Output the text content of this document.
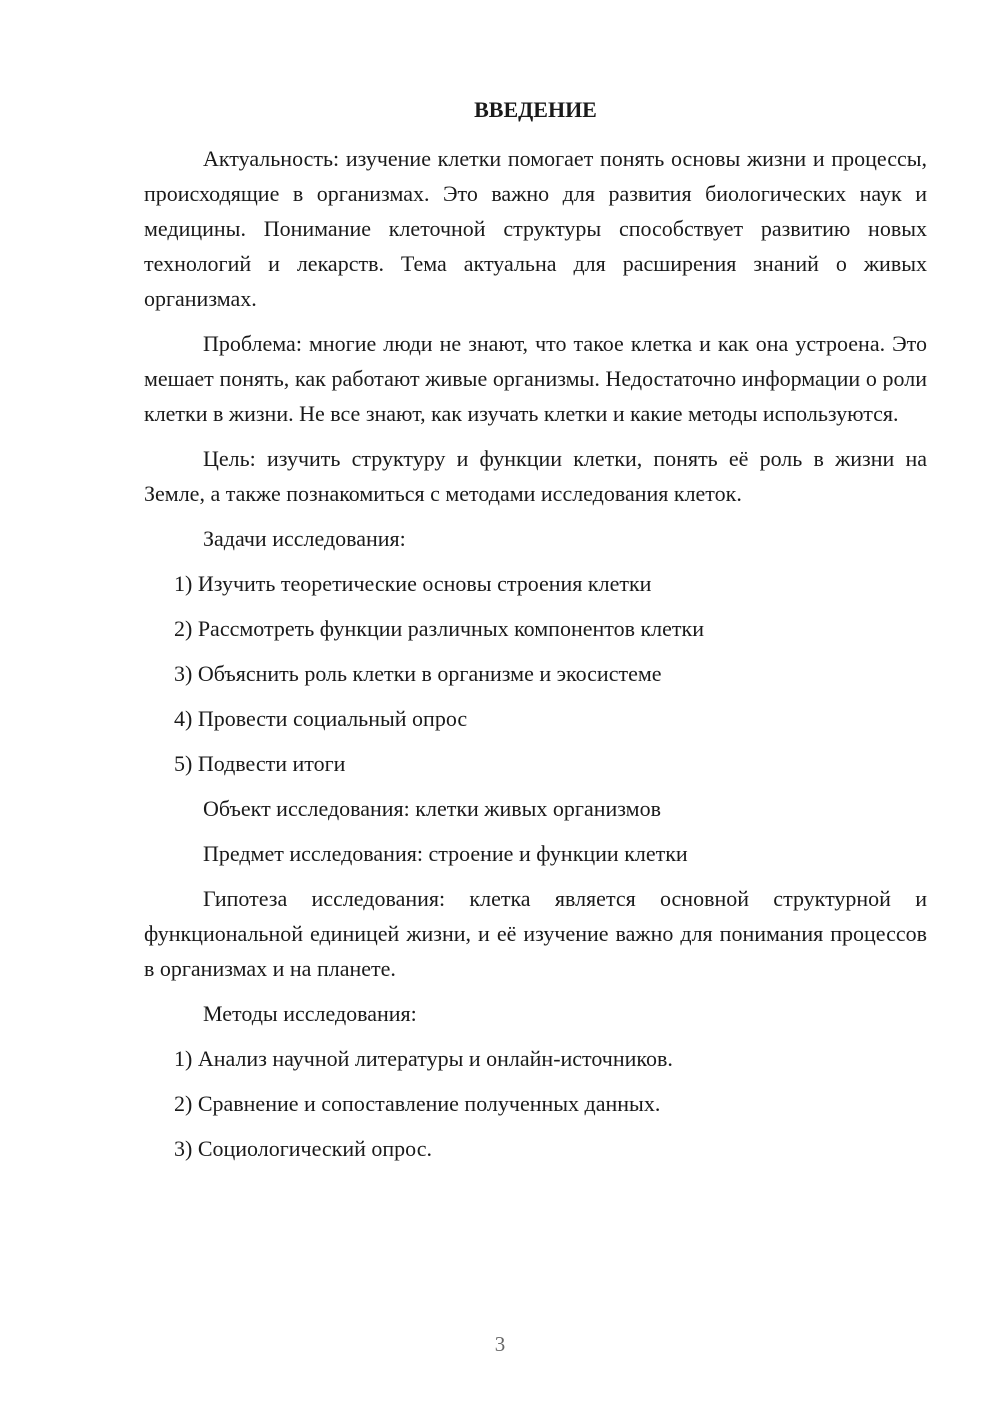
ВВЕДЕНИЕ

Актуальность: изучение клетки помогает понять основы жизни и процессы, происходящие в организмах. Это важно для развития биологических наук и медицины. Понимание клеточной структуры способствует развитию новых технологий и лекарств. Тема актуальна для расширения знаний о живых организмах.

Проблема: многие люди не знают, что такое клетка и как она устроена. Это мешает понять, как работают живые организмы. Недостаточно информации о роли клетки в жизни. Не все знают, как изучать клетки и какие методы используются.

Цель: изучить структуру и функции клетки, понять её роль в жизни на Земле, а также познакомиться с методами исследования клеток.

Задачи исследования:
1) Изучить теоретические основы строения клетки
2) Рассмотреть функции различных компонентов клетки
3) Объяснить роль клетки в организме и экосистеме
4) Провести социальный опрос
5) Подвести итоги
Объект исследования: клетки живых организмов
Предмет исследования: строение и функции клетки

Гипотеза исследования: клетка является основной структурной и функциональной единицей жизни, и её изучение важно для понимания процессов в организмах и на планете.

Методы исследования:
1) Анализ научной литературы и онлайн-источников.
2) Сравнение и сопоставление полученных данных.
3) Социологический опрос.
3
